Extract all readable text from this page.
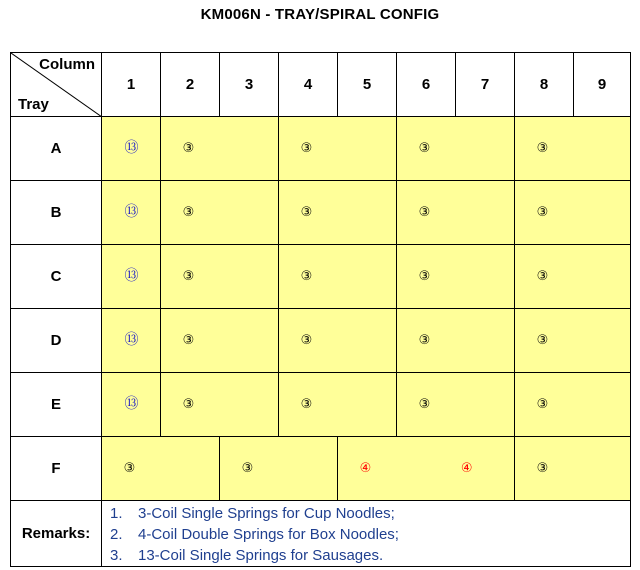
KM006N - TRAY/SPIRAL CONFIG
Column
Tray	1	2	3	4	5	6	7	8	9
A	⑬	③		③		③		③	
B	⑬	③		③		③		③	
C	⑬	③		③		③		③	
D	⑬	③		③		③		③	
E	⑬	③		③		③		③	
F	③		③		④ ④			③	
Remarks:	1. 3-Coil Single Springs for Cup Noodles;
2. 4-Coil Double Springs for Box Noodles;
3. 13-Coil Single Springs for Sausages.								
